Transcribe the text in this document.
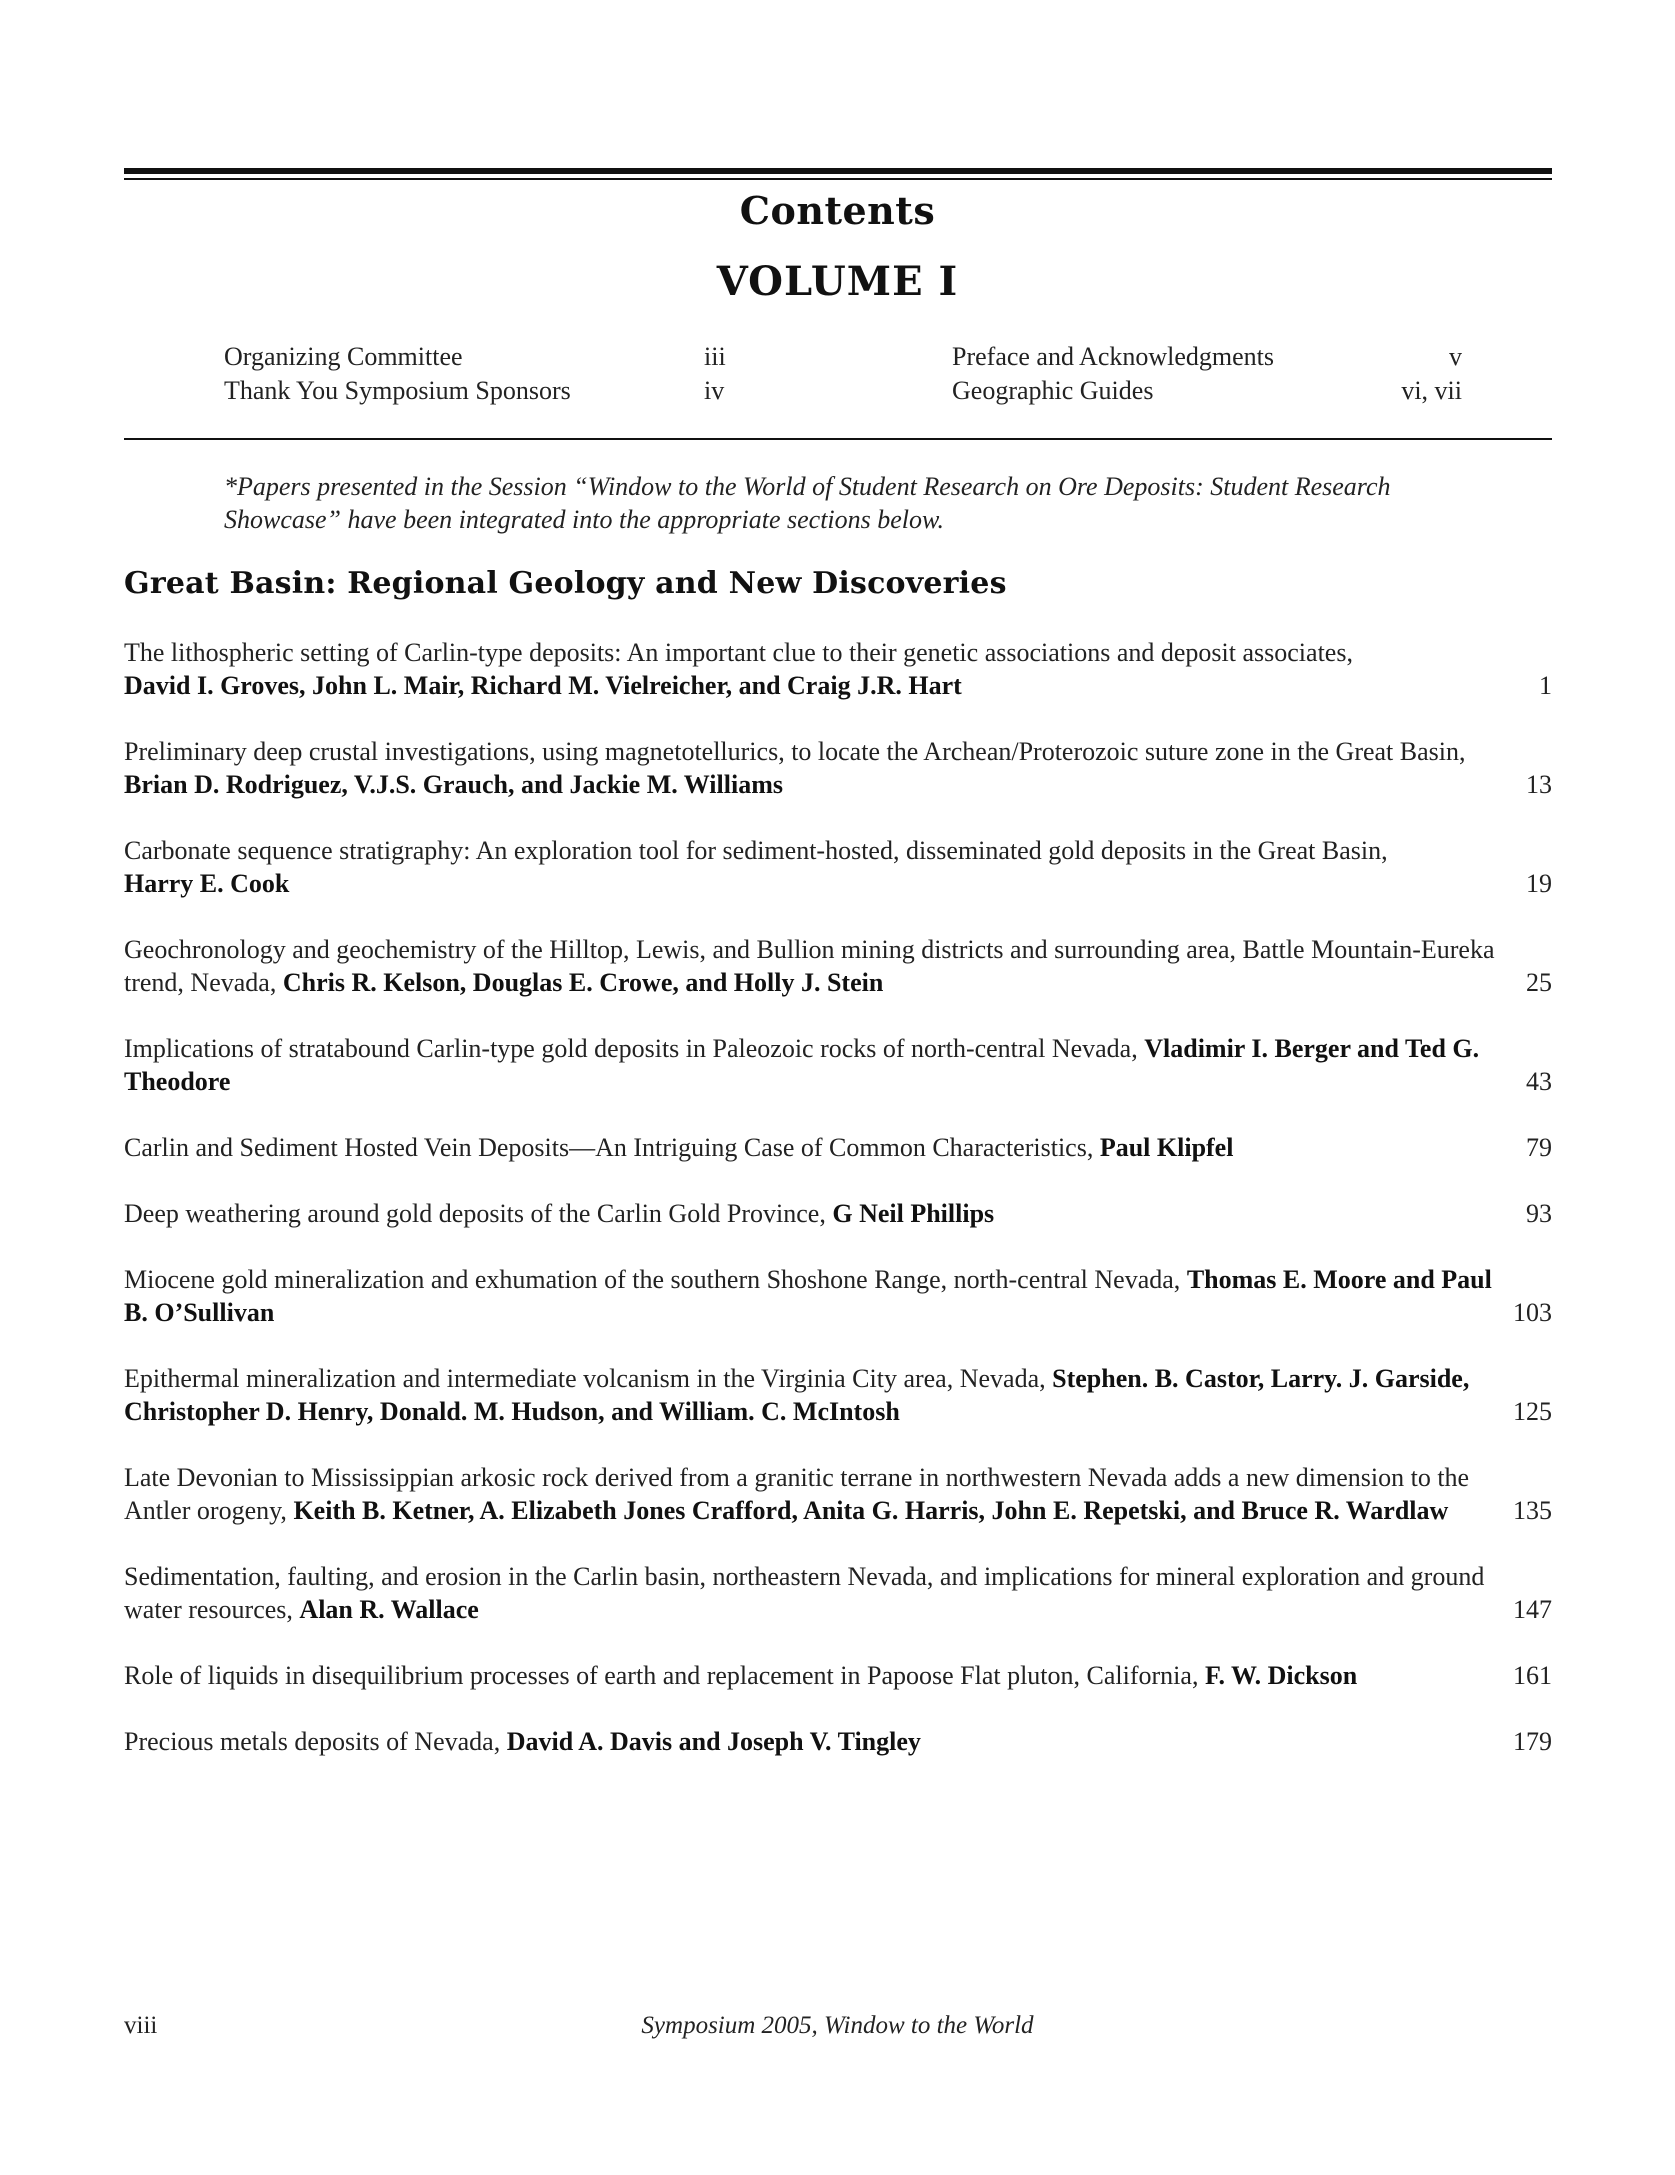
Contents
VOLUME I
Organizing Committee	iii
Thank You Symposium Sponsors	iv
Preface and Acknowledgments	v
Geographic Guides	vi, vii
*Papers presented in the Session “Window to the World of Student Research on Ore Deposits: Student Research Showcase” have been integrated into the appropriate sections below.
Great Basin: Regional Geology and New Discoveries
The lithospheric setting of Carlin-type deposits: An important clue to their genetic associations and deposit associates,
David I. Groves, John L. Mair, Richard M. Vielreicher, and Craig J.R. Hart	1
Preliminary deep crustal investigations, using magnetotellurics, to locate the Archean/Proterozoic suture zone in the Great Basin, Brian D. Rodriguez, V.J.S. Grauch, and Jackie M. Williams	13
Carbonate sequence stratigraphy: An exploration tool for sediment-hosted, disseminated gold deposits in the Great Basin,
Harry E. Cook	19
Geochronology and geochemistry of the Hilltop, Lewis, and Bullion mining districts and surrounding area, Battle Mountain-Eureka trend, Nevada, Chris R. Kelson, Douglas E. Crowe, and Holly J. Stein	25
Implications of stratabound Carlin-type gold deposits in Paleozoic rocks of north-central Nevada, Vladimir I. Berger and Ted G. Theodore	43
Carlin and Sediment Hosted Vein Deposits—An Intriguing Case of Common Characteristics, Paul Klipfel	79
Deep weathering around gold deposits of the Carlin Gold Province, G Neil Phillips	93
Miocene gold mineralization and exhumation of the southern Shoshone Range, north-central Nevada, Thomas E. Moore and Paul B. O’Sullivan	103
Epithermal mineralization and intermediate volcanism in the Virginia City area, Nevada, Stephen. B. Castor, Larry. J. Garside, Christopher D. Henry, Donald. M. Hudson, and William. C. McIntosh	125
Late Devonian to Mississippian arkosic rock derived from a granitic terrane in northwestern Nevada adds a new dimension to the Antler orogeny, Keith B. Ketner, A. Elizabeth Jones Crafford, Anita G. Harris, John E. Repetski, and Bruce R. Wardlaw	135
Sedimentation, faulting, and erosion in the Carlin basin, northeastern Nevada, and implications for mineral exploration and ground water resources, Alan R. Wallace	147
Role of liquids in disequilibrium processes of earth and replacement in Papoose Flat pluton, California, F. W. Dickson	161
Precious metals deposits of Nevada, David A. Davis and Joseph V. Tingley	179
viii	Symposium 2005, Window to the World
